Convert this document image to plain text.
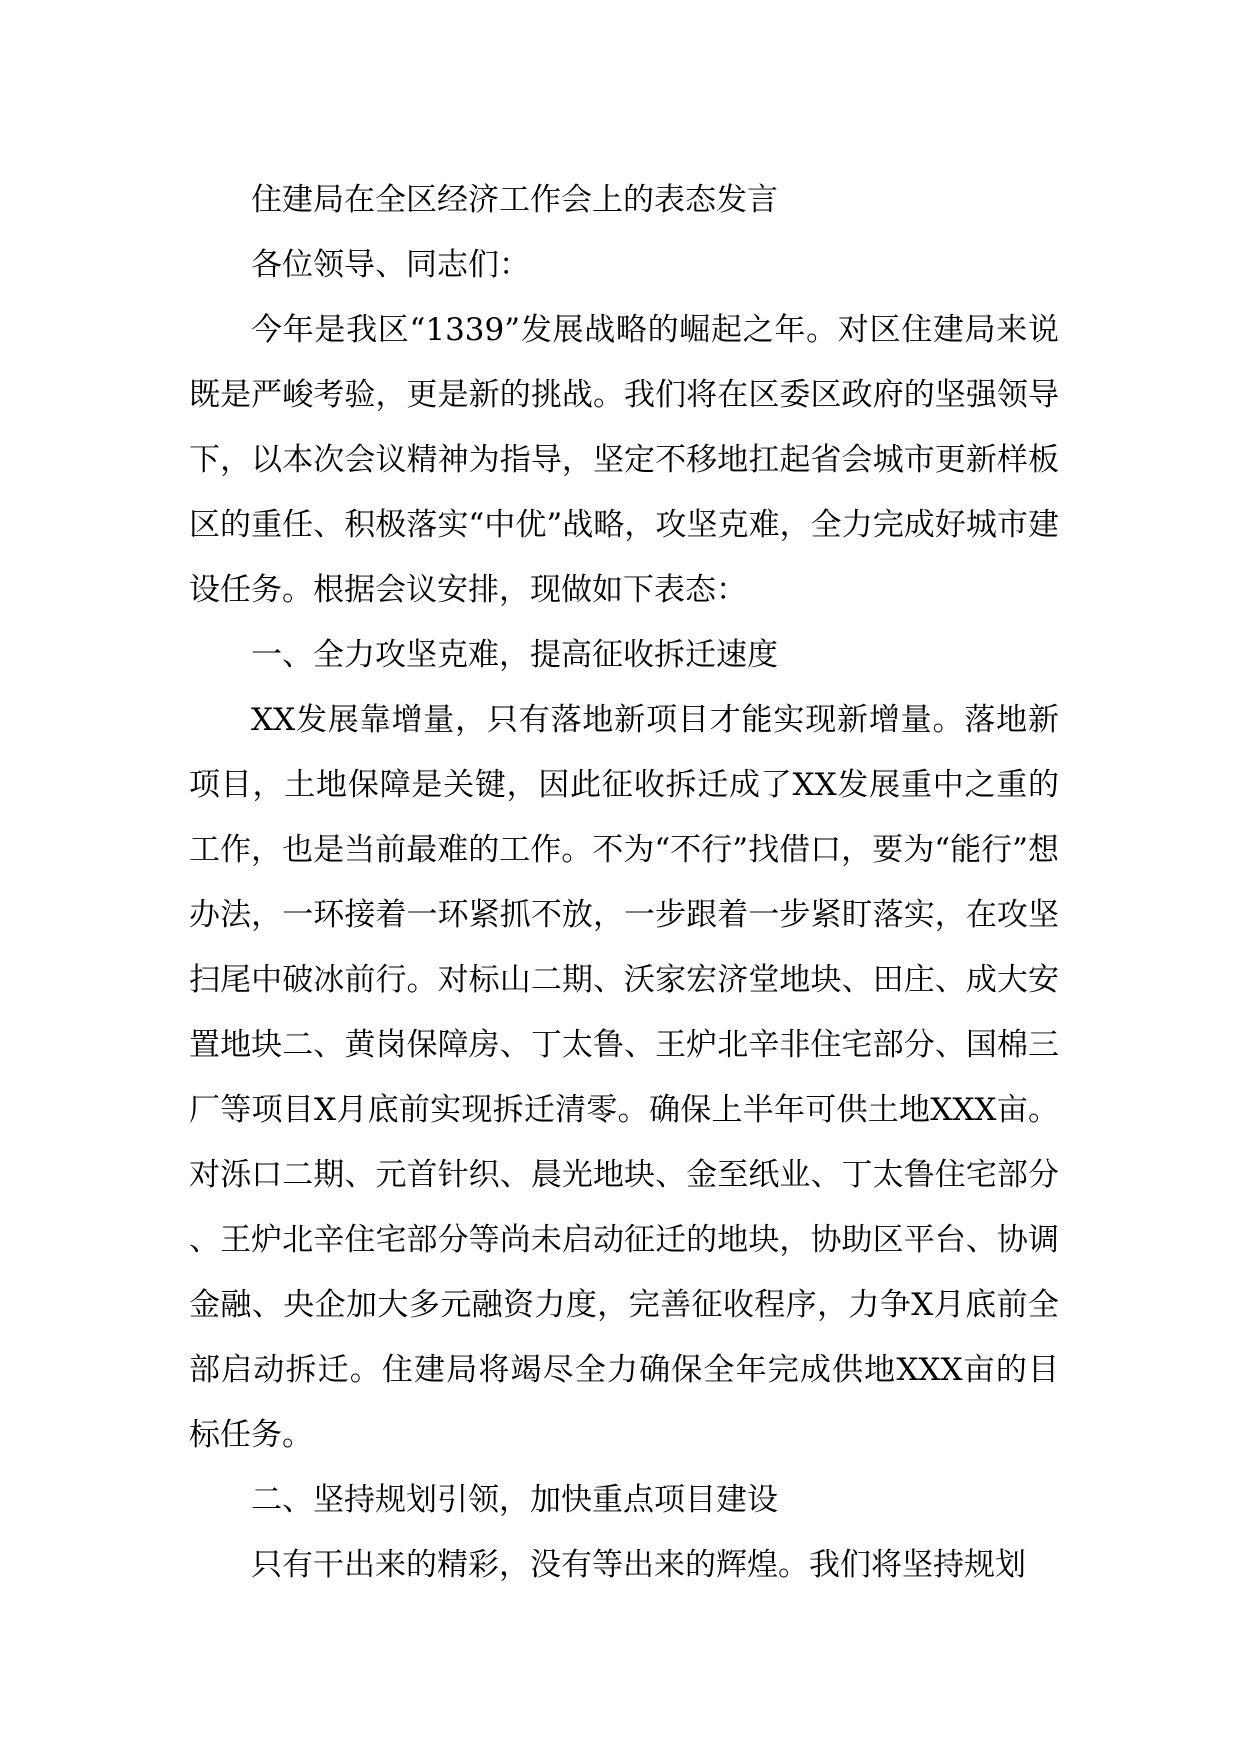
住建局在全区经济工作会上的表态发言

各位领导、同志们：

今年是我区“1339”发展战略的崛起之年。对区住建局来说既是严峻考验，更是新的挑战。我们将在区委区政府的坚强领导下，以本次会议精神为指导，坚定不移地扛起省会城市更新样板区的重任、积极落实“中优”战略，攻坚克难，全力完成好城市建设任务。根据会议安排，现做如下表态：

一、全力攻坚克难，提高征收拆迁速度

XX发展靠增量，只有落地新项目才能实现新增量。落地新项目，土地保障是关键，因此征收拆迁成了XX发展重中之重的工作，也是当前最难的工作。不为“不行”找借口，要为“能行”想办法，一环接着一环紧抓不放，一步跟着一步紧盯落实，在攻坚扫尾中破冰前行。对标山二期、沃家宏济堂地块、田庄、成大安置地块二、黄岗保障房、丁太鲁、王炉北辛非住宅部分、国棉三厂等项目X月底前实现拆迁清零。确保上半年可供土地XXX亩。对泺口二期、元首针织、晨光地块、金至纸业、丁太鲁住宅部分、王炉北辛住宅部分等尚未启动征迁的地块，协助区平台、协调金融、央企加大多元融资力度，完善征收程序，力争X月底前全部启动拆迁。住建局将竭尽全力确保全年完成供地XXX亩的目标任务。

二、坚持规划引领，加快重点项目建设

只有干出来的精彩，没有等出来的辉煌。我们将坚持规划
